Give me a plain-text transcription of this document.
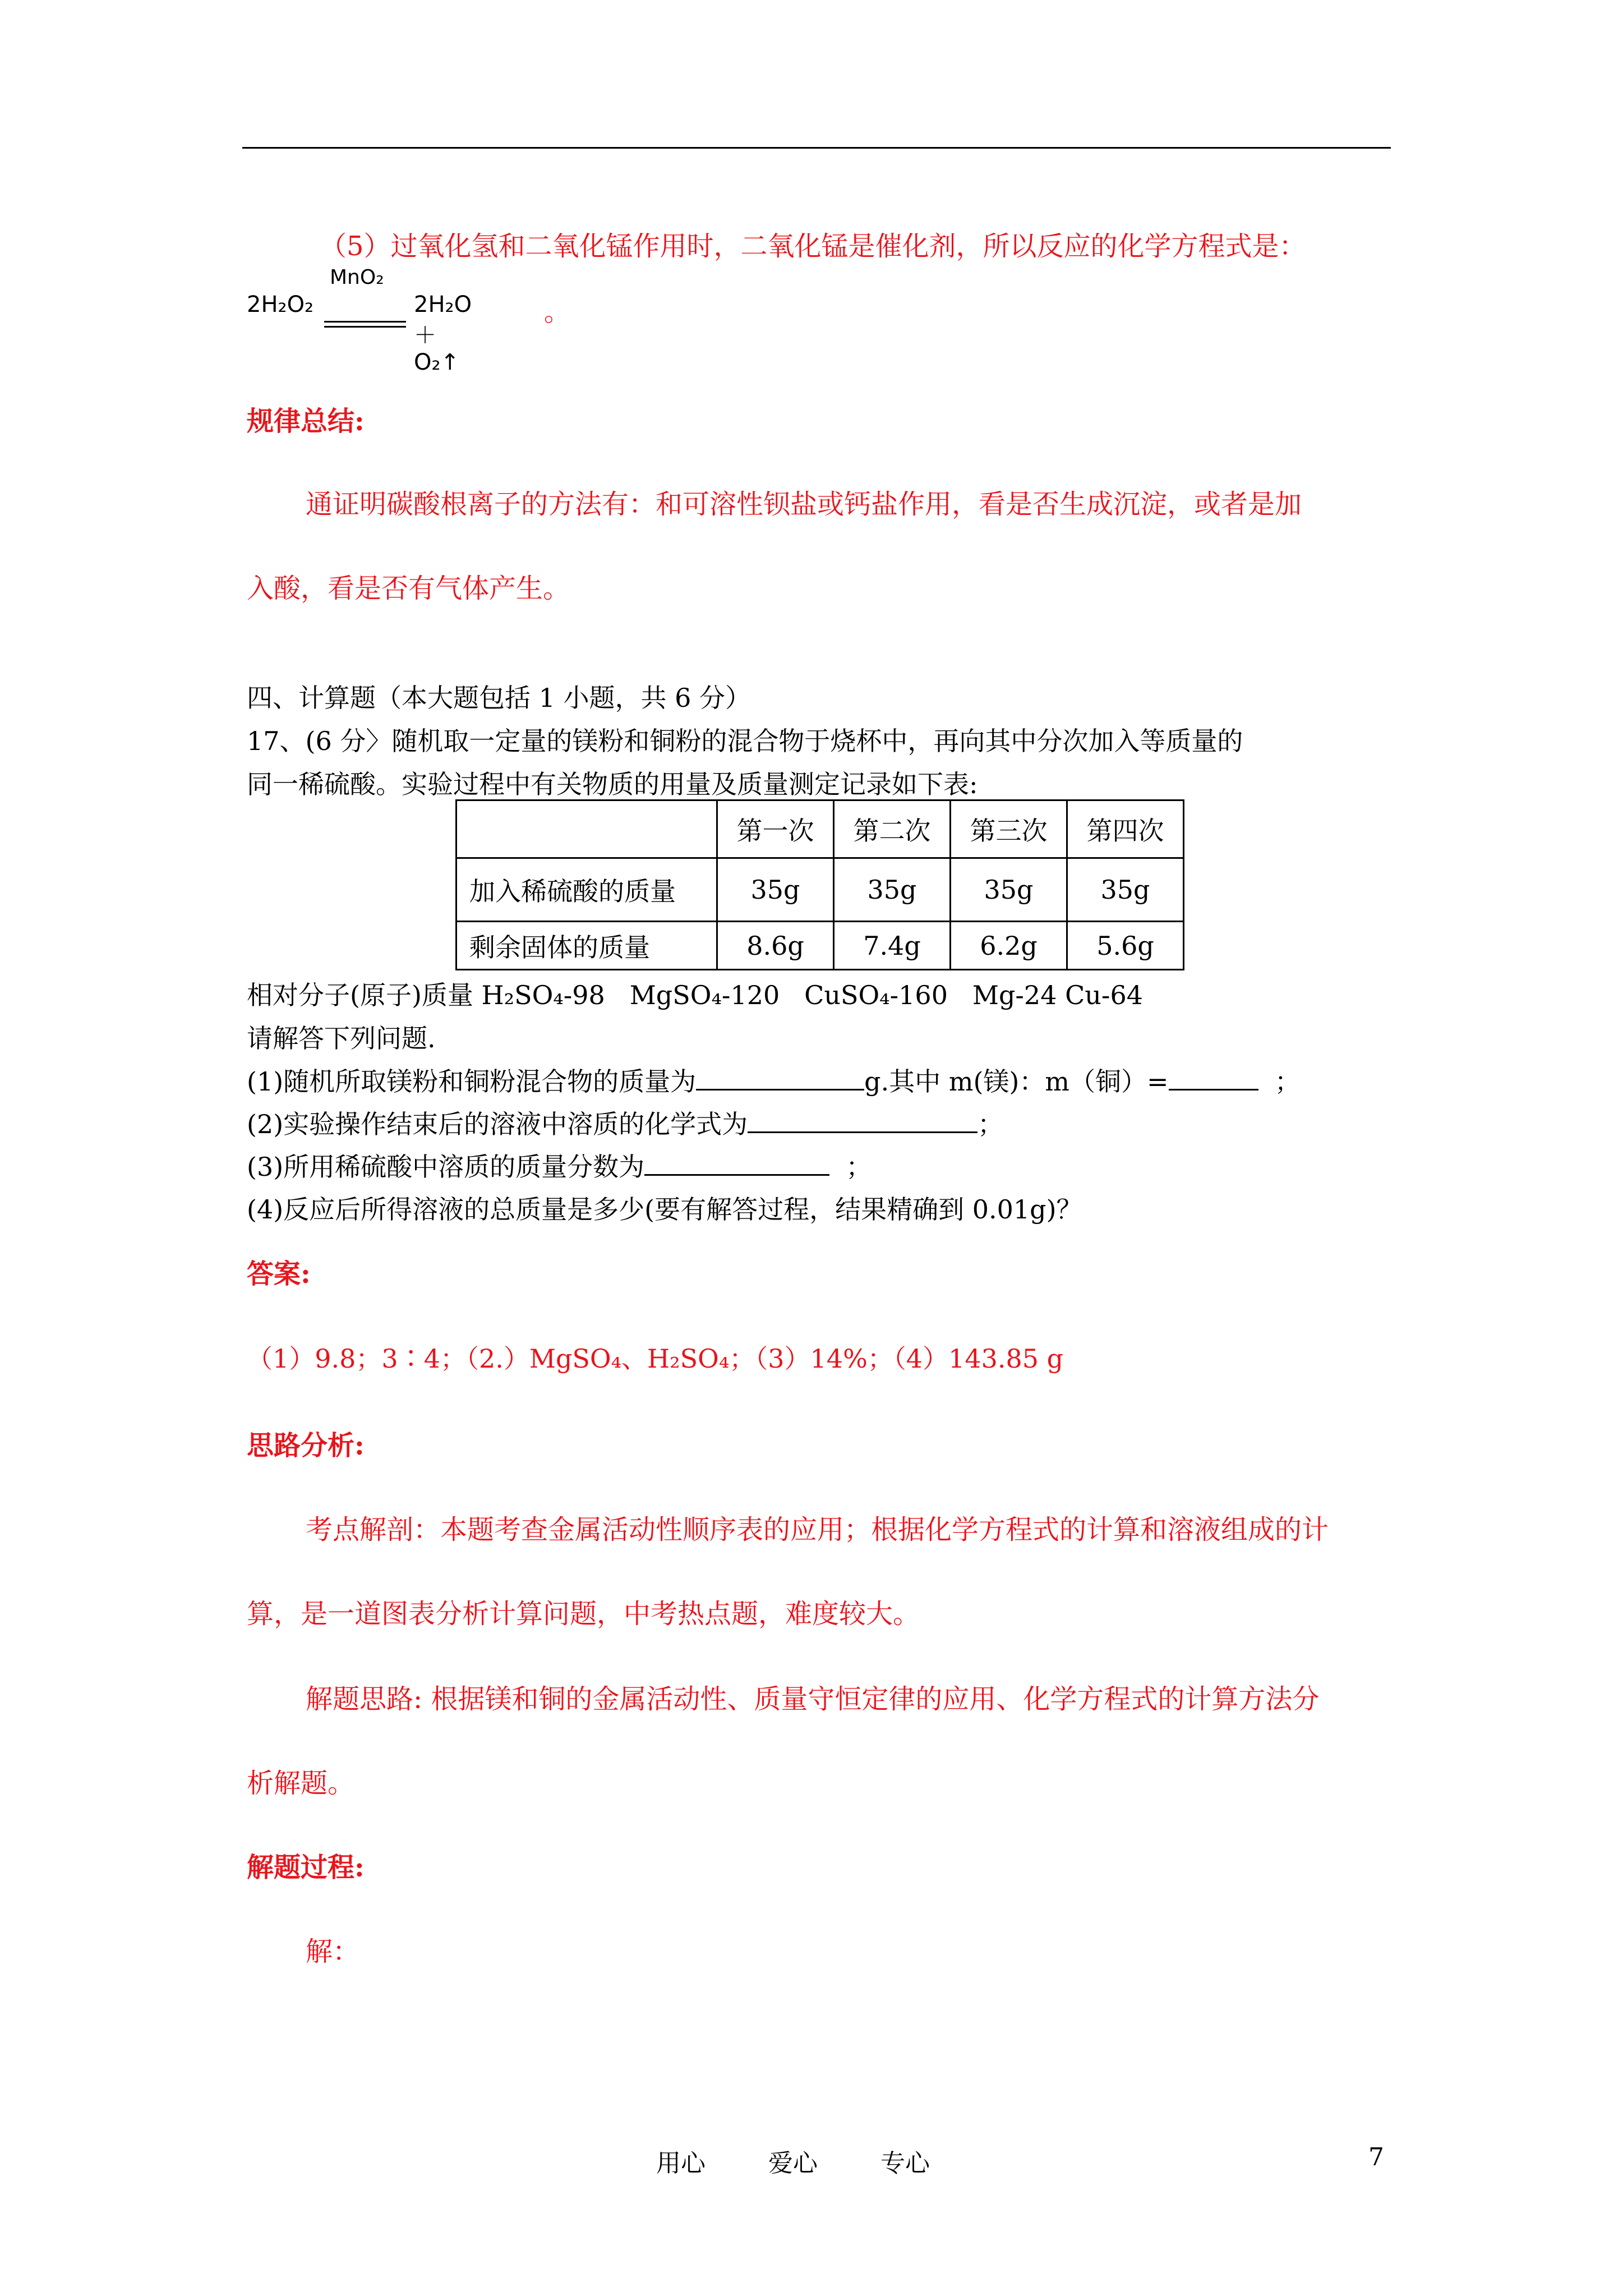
（5）过氧化氢和二氧化锰作用时，二氧化锰是催化剂，所以反应的化学方程式是：
2H₂O₂
MnO₂
2H₂O＋O₂↑
。
规律总结:
通证明碳酸根离子的方法有：和可溶性钡盐或钙盐作用，看是否生成沉淀，或者是加
入酸，看是否有气体产生。
四、计算题（本大题包括 1 小题，共 6 分）
17、(6 分〉随机取一定量的镁粉和铜粉的混合物于烧杯中，再向其中分次加入等质量的
同一稀硫酸。实验过程中有关物质的用量及质量测定记录如下表:
	第一次	第二次	第三次	第四次
加入稀硫酸的质量	35g	35g	35g	35g
剩余固体的质量	8.6g	7.4g	6.2g	5.6g
相对分子(原子)质量 H₂SO₄-98 MgSO₄-120 CuSO₄-160 Mg-24 Cu-64
请解答下列问题.
(1)随机所取镁粉和铜粉混合物的质量为	g.其中 m(镁)：m（铜）=	；
(2)实验操作结束后的溶液中溶质的化学式为	；
(3)所用稀硫酸中溶质的质量分数为	；
(4)反应后所得溶液的总质量是多少(要有解答过程，结果精确到 0.01g)？
答案:
（1）9.8；3∶4；（2.）MgSO₄、H₂SO₄；（3）14%；（4）143.85 g
思路分析:
考点解剖：本题考查金属活动性顺序表的应用；根据化学方程式的计算和溶液组成的计
算，是一道图表分析计算问题，中考热点题，难度较大。
解题思路: 根据镁和铜的金属活动性、质量守恒定律的应用、化学方程式的计算方法分
析解题。
解题过程:
解：
用心	爱心	专心	7
